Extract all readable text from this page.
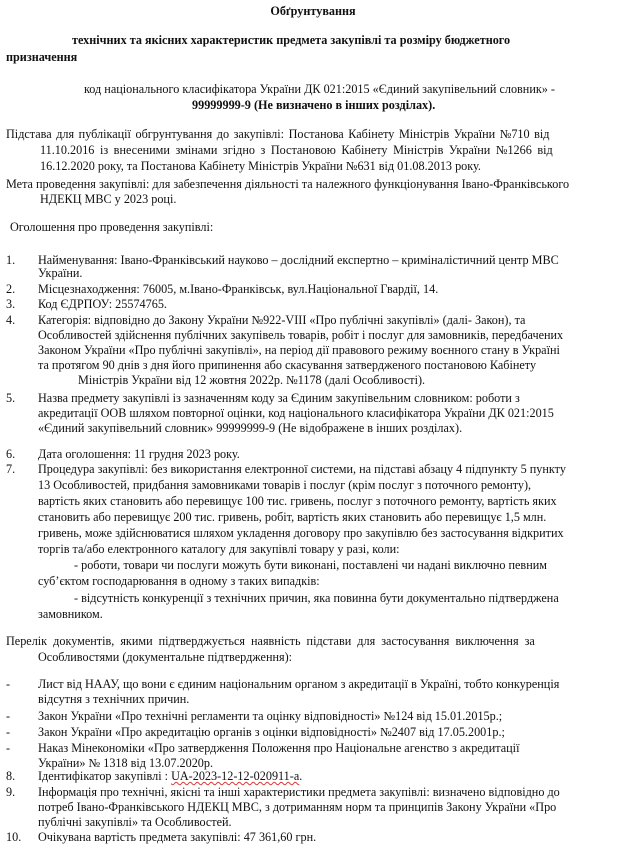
Обґрунтування
технічних та якісних характеристик предмета закупівлі та розміру бюджетного
призначення
код національного класифікатора України ДК 021:2015 «Єдиний закупівельний словник» -
99999999-9 (Не визначено в інших розділах).
Підстава для публікації обгрунтування до закупівлі: Постанова Кабінету Міністрів України №710 від
11.10.2016 із внесеними змінами згідно з Постановою Кабінету Міністрів України №1266 від
16.12.2020 року, та Постанова Кабінету Міністрів України №631 від 01.08.2013 року.
Мета проведення закупівлі: для забезпечення діяльності та належного функціонування Івано-Франківського
НДЕКЦ МВС у 2023 році.
Оголошення про проведення закупівлі:
1. Найменування: Івано-Франківський науково – дослідний експертно – криміналістичний центр МВС
України.
2. Місцезнаходження: 76005, м.Івано-Франківськ, вул.Національної Гвардії, 14.
3. Код ЄДРПОУ: 25574765.
4. Категорія: відповідно до Закону України №922-VIII «Про публічні закупівлі» (далі- Закон), та
Особливостей здійснення публічних закупівель товарів, робіт і послуг для замовників, передбачених
Законом України «Про публічні закупівлі», на період дії правового режиму воєнного стану в Україні
та протягом 90 днів з дня його припинення або скасування затвердженого постановою Кабінету
Міністрів України від 12 жовтня 2022р. №1178 (далі Особливості).
5. Назва предмету закупівлі із зазначенням коду за Єдиним закупівельним словником: роботи з
акредитації ООВ шляхом повторної оцінки, код національного класифікатора України ДК 021:2015
«Єдиний закупівельний словник» 99999999-9 (Не відображене в інших розділах).
6. Дата оголошення: 11 грудня 2023 року.
7. Процедура закупівлі: без використання електронної системи, на підставі абзацу 4 підпункту 5 пункту
13 Особливостей, придбання замовниками товарів і послуг (крім послуг з поточного ремонту),
вартість яких становить або перевищує 100 тис. гривень, послуг з поточного ремонту, вартість яких
становить або перевищує 200 тис. гривень, робіт, вартість яких становить або перевищує 1,5 млн.
гривень, може здійснюватися шляхом укладення договору про закупівлю без застосування відкритих
торгів та/або електронного каталогу для закупівлі товару у разі, коли:
- роботи, товари чи послуги можуть бути виконані, поставлені чи надані виключно певним
суб’єктом господарювання в одному з таких випадків:
- відсутність конкуренції з технічних причин, яка повинна бути документально підтверджена
замовником.
Перелік документів, якими підтверджується наявність підстави для застосування виключення за
Особливостями (документальне підтвердження):
- Лист від НААУ, що вони є єдиним національним органом з акредитації в Україні, тобто конкуренція
відсутня з технічних причин.
- Закон України «Про технічні регламенти та оцінку відповідності» №124 від 15.01.2015р.;
- Закон України «Про акредитацію органів з оцінки відповідності» №2407 від 17.05.2001р.;
- Наказ Мінекономіки «Про затвердження Положення про Національне агенство з акредитації
України» № 1318 від 13.07.2020р.
8. Ідентифікатор закупівлі : UA-2023-12-12-020911-a.
9. Інформація про технічні, якісні та інші характеристики предмета закупівлі: визначено відповідно до
потреб Івано-Франківського НДЕКЦ МВС, з дотриманням норм та принципів Закону України «Про
публічні закупівлі» та Особливостей.
10. Очікувана вартість предмета закупівлі: 47 361,60 грн.
